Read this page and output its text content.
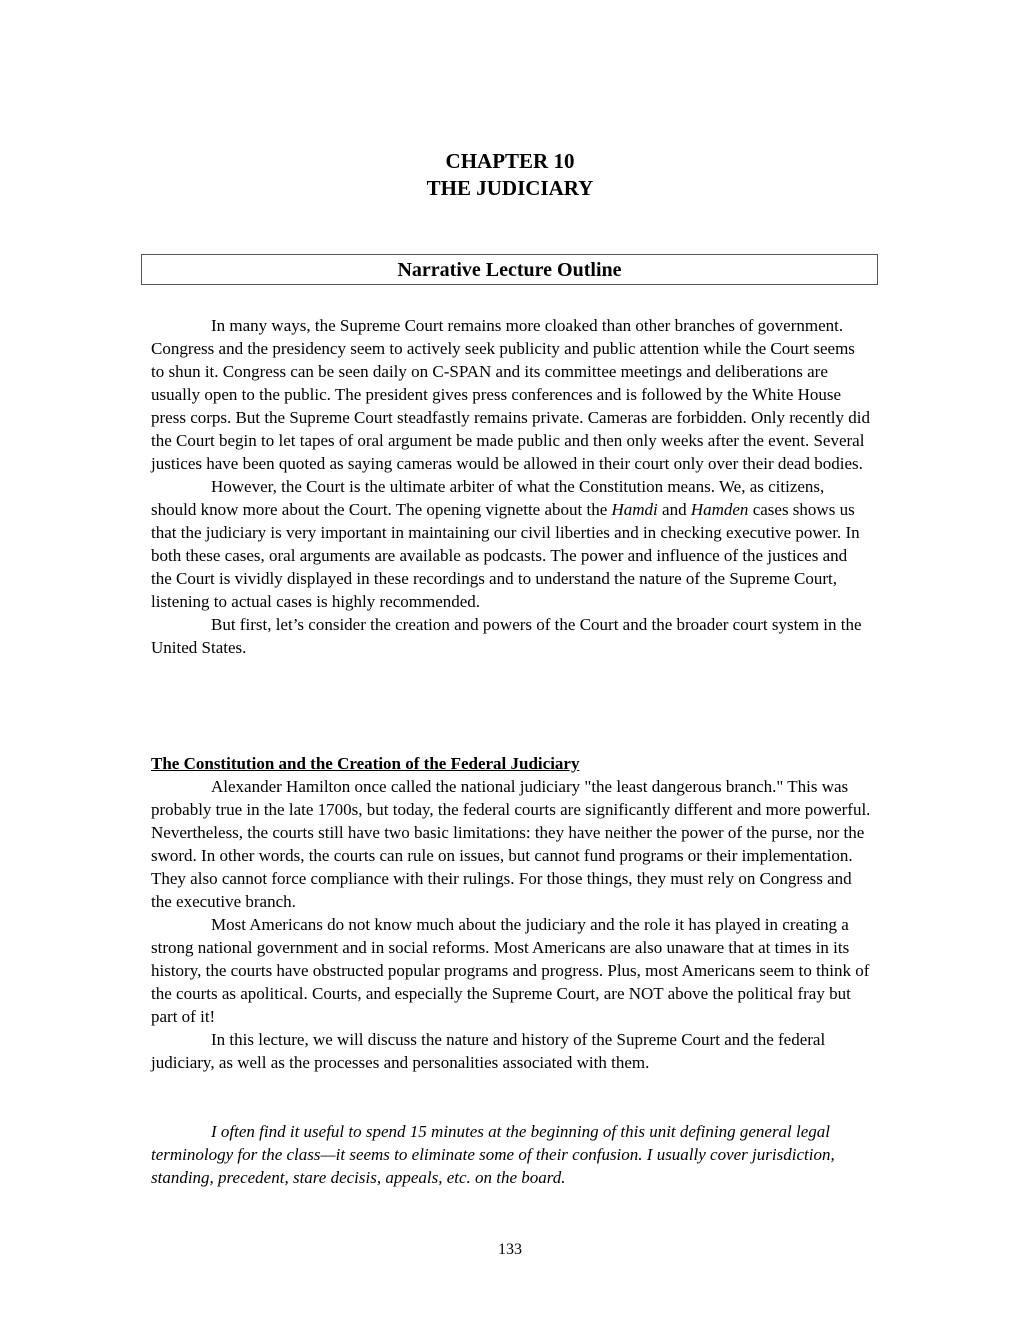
CHAPTER 10
THE JUDICIARY
Narrative Lecture Outline

In many ways, the Supreme Court remains more cloaked than other branches of government. Congress and the presidency seem to actively seek publicity and public attention while the Court seems to shun it. Congress can be seen daily on C-SPAN and its committee meetings and deliberations are usually open to the public. The president gives press conferences and is followed by the White House press corps. But the Supreme Court steadfastly remains private. Cameras are forbidden. Only recently did the Court begin to let tapes of oral argument be made public and then only weeks after the event. Several justices have been quoted as saying cameras would be allowed in their court only over their dead bodies.

However, the Court is the ultimate arbiter of what the Constitution means. We, as citizens, should know more about the Court. The opening vignette about the Hamdi and Hamden cases shows us that the judiciary is very important in maintaining our civil liberties and in checking executive power. In both these cases, oral arguments are available as podcasts. The power and influence of the justices and the Court is vividly displayed in these recordings and to understand the nature of the Supreme Court, listening to actual cases is highly recommended.

But first, let’s consider the creation and powers of the Court and the broader court system in the United States.

The Constitution and the Creation of the Federal Judiciary

Alexander Hamilton once called the national judiciary "the least dangerous branch." This was probably true in the late 1700s, but today, the federal courts are significantly different and more powerful. Nevertheless, the courts still have two basic limitations: they have neither the power of the purse, nor the sword. In other words, the courts can rule on issues, but cannot fund programs or their implementation. They also cannot force compliance with their rulings. For those things, they must rely on Congress and the executive branch.

Most Americans do not know much about the judiciary and the role it has played in creating a strong national government and in social reforms. Most Americans are also unaware that at times in its history, the courts have obstructed popular programs and progress. Plus, most Americans seem to think of the courts as apolitical. Courts, and especially the Supreme Court, are NOT above the political fray but part of it!

In this lecture, we will discuss the nature and history of the Supreme Court and the federal judiciary, as well as the processes and personalities associated with them.

I often find it useful to spend 15 minutes at the beginning of this unit defining general legal terminology for the class—it seems to eliminate some of their confusion. I usually cover jurisdiction, standing, precedent, stare decisis, appeals, etc. on the board.

133
